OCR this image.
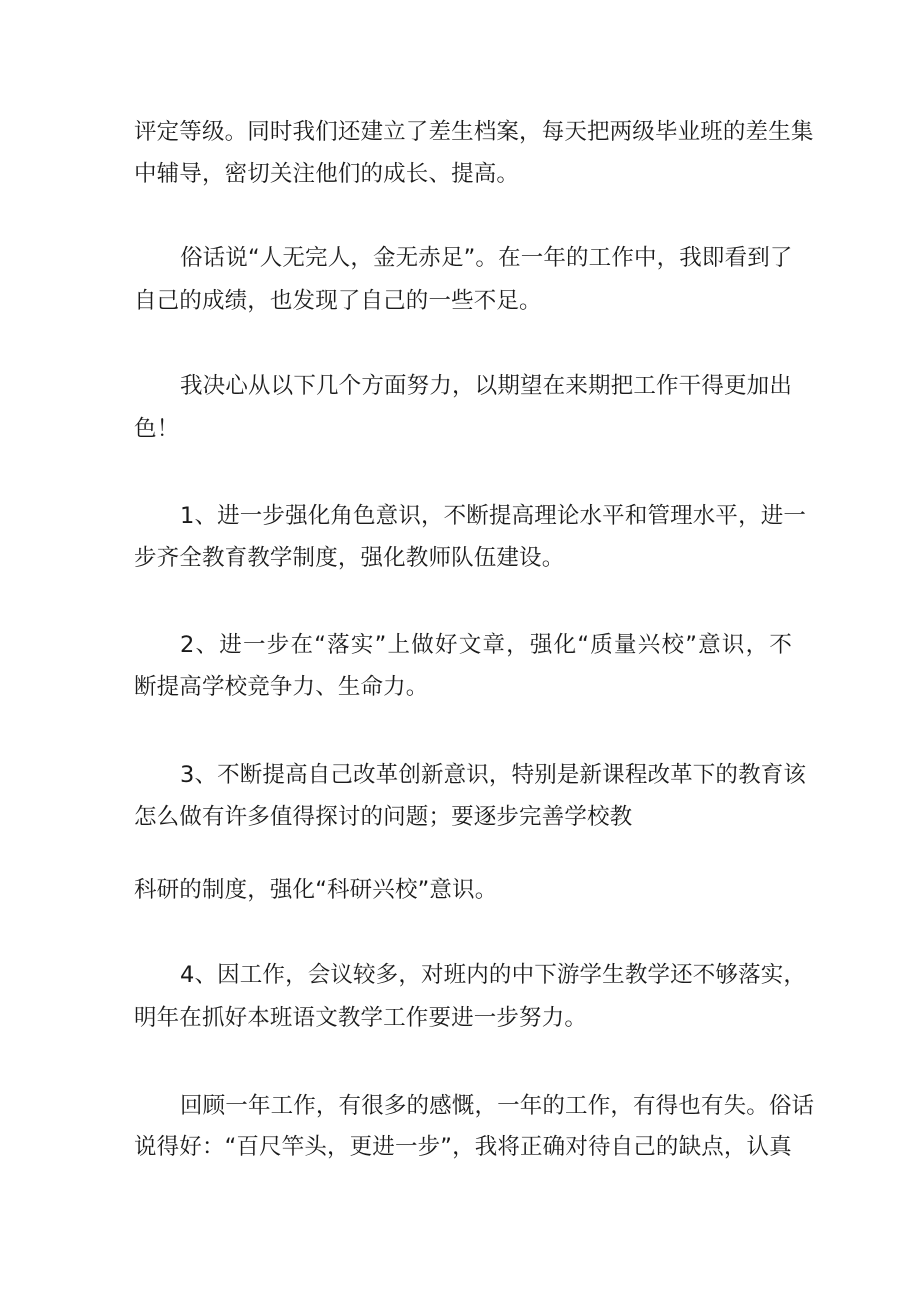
评定等级。同时我们还建立了差生档案，每天把两级毕业班的差生集
中辅导，密切关注他们的成长、提高。
俗话说“人无完人，金无赤足”。在一年的工作中，我即看到了
自己的成绩，也发现了自己的一些不足。
我决心从以下几个方面努力，以期望在来期把工作干得更加出
色！
1、进一步强化角色意识，不断提高理论水平和管理水平，进一
步齐全教育教学制度，强化教师队伍建设。
2、进一步在“落实”上做好文章，强化“质量兴校”意识，不
断提高学校竞争力、生命力。
3、不断提高自己改革创新意识，特别是新课程改革下的教育该
怎么做有许多值得探讨的问题；要逐步完善学校教
科研的制度，强化“科研兴校”意识。
4、因工作，会议较多，对班内的中下游学生教学还不够落实，
明年在抓好本班语文教学工作要进一步努力。
回顾一年工作，有很多的感慨，一年的工作，有得也有失。俗话
说得好：“百尺竿头，更进一步”，我将正确对待自己的缺点，认真
